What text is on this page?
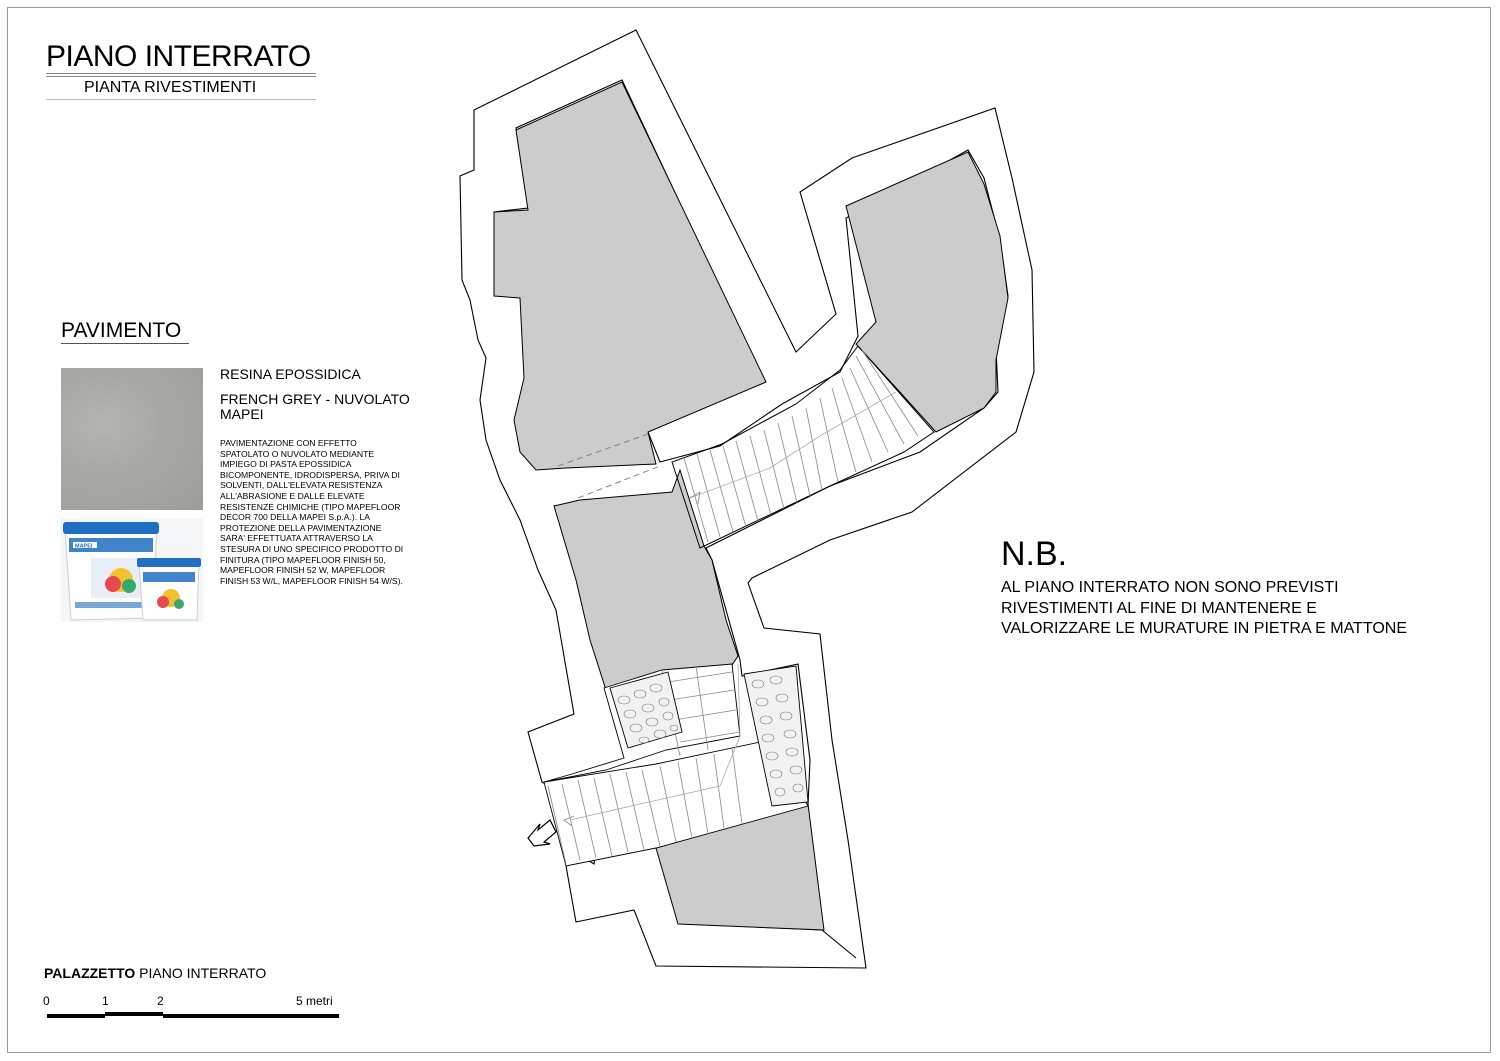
PIANO INTERRATO
PIANTA RIVESTIMENTI
PAVIMENTO
MAPEI
RESINA EPOSSIDICA
FRENCH GREY - NUVOLATO MAPEI
PAVIMENTAZIONE CON EFFETTO SPATOLATO O NUVOLATO MEDIANTE IMPIEGO DI PASTA EPOSSIDICA BICOMPONENTE, IDRODISPERSA, PRIVA DI SOLVENTI, DALL'ELEVATA RESISTENZA ALL'ABRASIONE E DALLE ELEVATE RESISTENZE CHIMICHE (TIPO MAPEFLOOR DECOR 700 DELLA MAPEI S.p.A.). LA PROTEZIONE DELLA PAVIMENTAZIONE SARA' EFFETTUATA ATTRAVERSO LA STESURA DI UNO SPECIFICO PRODOTTO DI FINITURA (TIPO MAPEFLOOR FINISH 50, MAPEFLOOR FINISH 52 W, MAPEFLOOR FINISH 53 W/L, MAPEFLOOR FINISH 54 W/S).
N.B.
AL PIANO INTERRATO NON SONO PREVISTI
RIVESTIMENTI AL FINE DI MANTENERE E
VALORIZZARE LE MURATURE IN PIETRA E MATTONE
PALAZZETTO PIANO INTERRATO
0	1	2	5 metri
